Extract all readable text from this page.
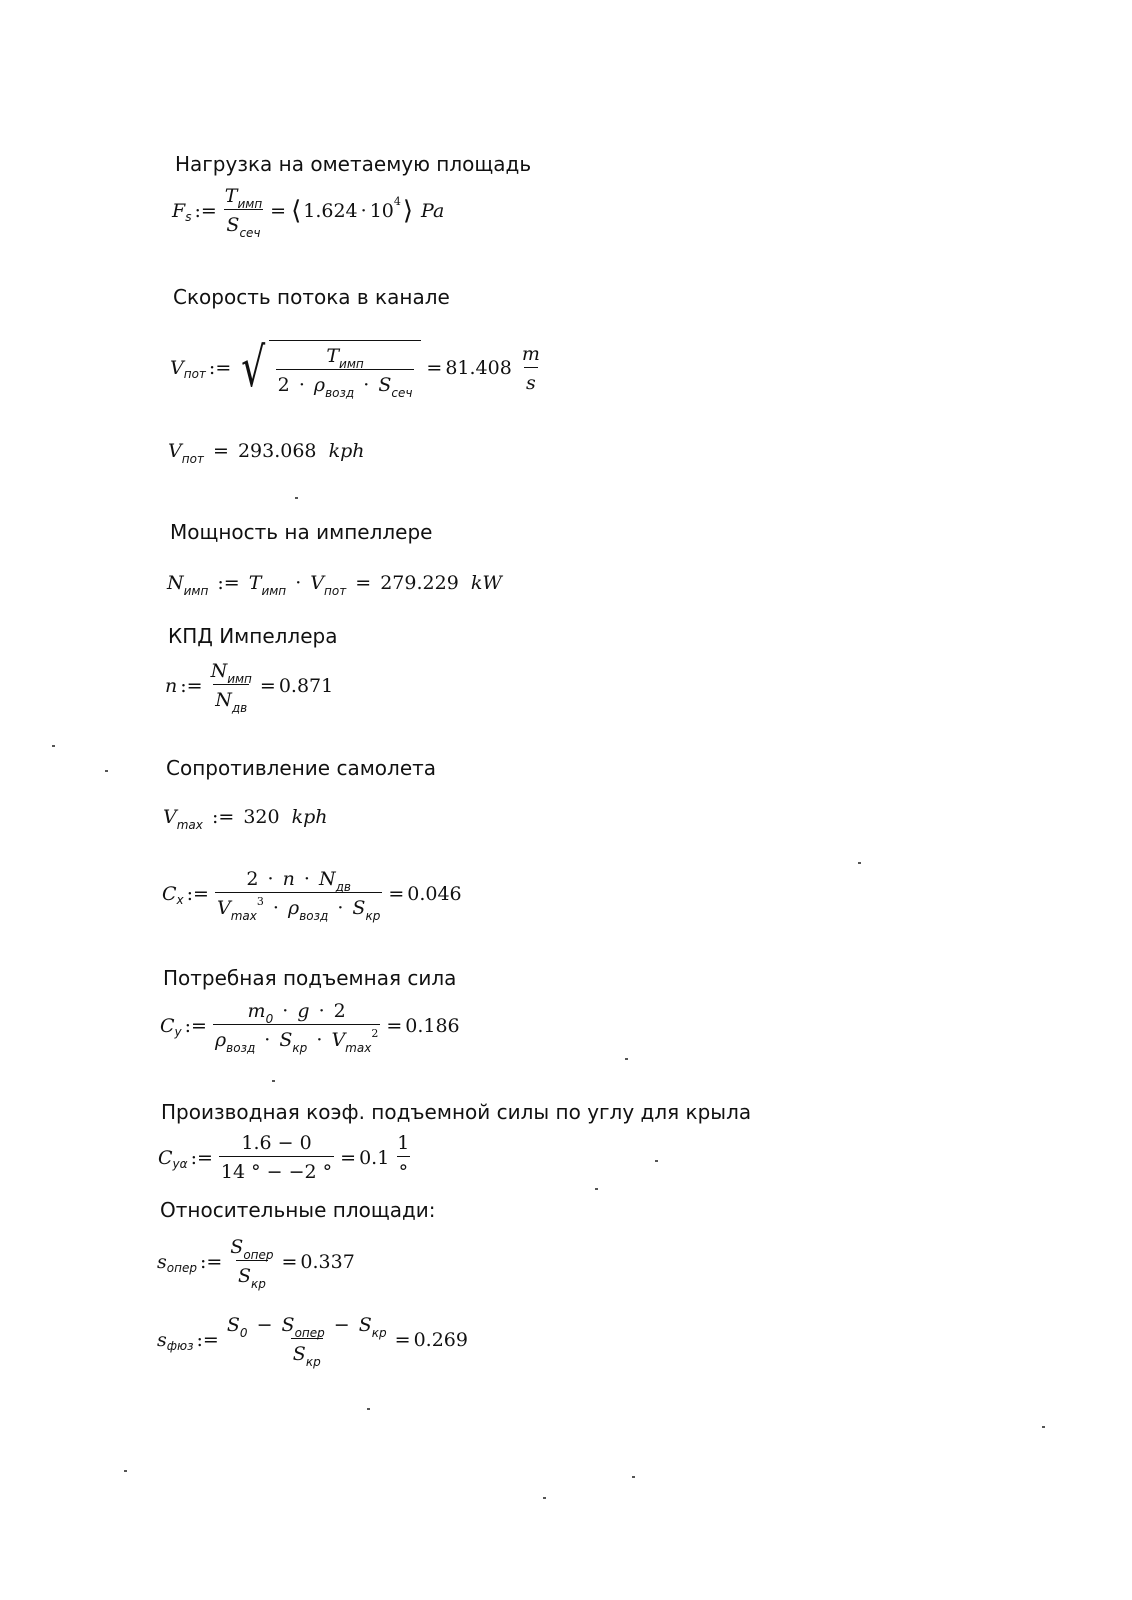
Нагрузка на ометаемую площадь
F s := $\frac{T_{имп}}{S_{сеч}}$ = ⟨ 1.624 · 10 4 ⟩ Pa
Скорость потока в канале
V пот := √	$T_{имп}$
$2 \cdot \rho_{возд} \cdot S_{сеч}$
= $81.408 \frac{m}{s}$
$V_{пот} = 293.068$ kph
Мощность на импеллере
$N_{имп}$ := $T_{имп} \cdot V_{пот} = 279.229$ kW
КПД Импеллера
n := $\frac{N_{имп}}{N_{дв}} = 0.871$
Сопротивление самолета
$V_{max}$ := 320 kph
C x := $\frac{2 \cdot n \cdot N_{дв}}{V_{max}^3 \cdot \rho_{возд} \cdot S_{кр}} = 0.046$
Потребная подъемная сила
C y := $\frac{m_0 \cdot g \cdot 2}{\rho_{возд} \cdot S_{кр} \cdot V_{max}^2} = 0.186$
Производная коэф. подъемной силы по углу для крыла
C yα := $\frac{1.6 - 0}{14 ^\circ - -2 ^\circ} = 0.1 \frac{1}{^\circ}$
Относительные площади:
s опер := $\frac{S_{опер}}{S_{кр}} = 0.337$
s фюз := $\frac{S_0 - S_{опер} - S_{кр}}{S_{кр}} = 0.269$
